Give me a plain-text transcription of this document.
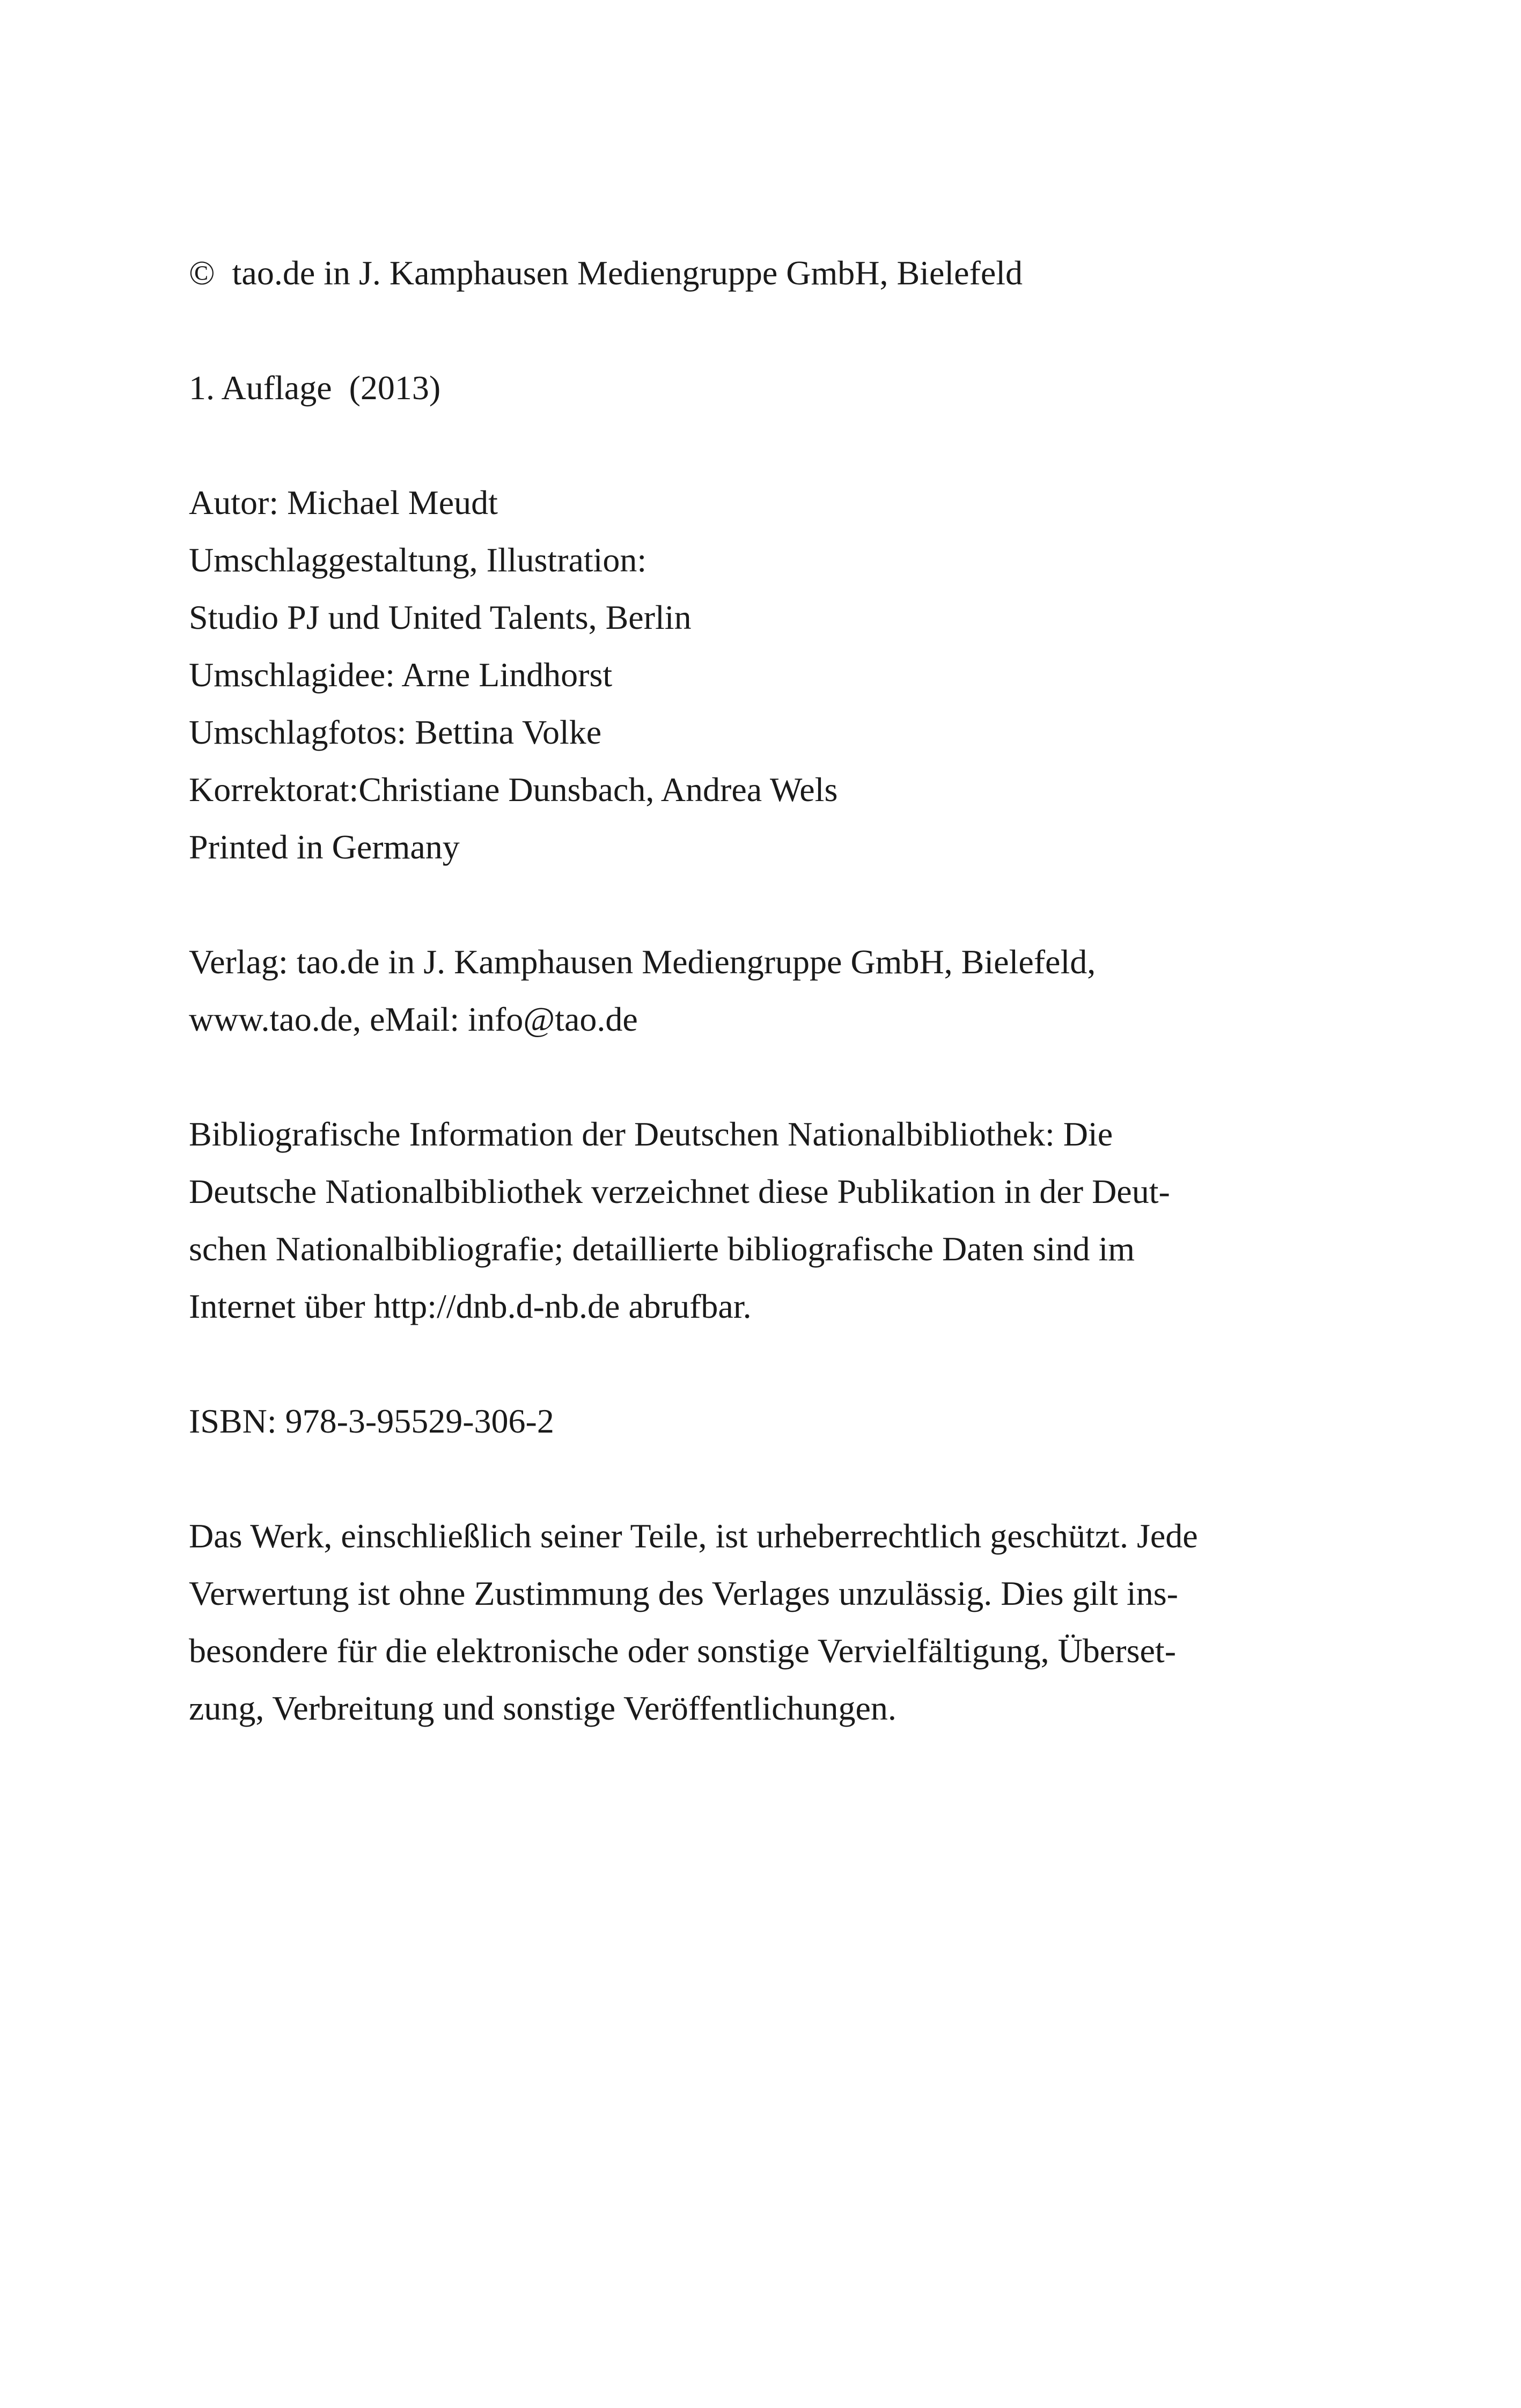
© tao.de in J. Kamphausen Mediengruppe GmbH, Bielefeld
1. Auflage  (2013)
Autor: Michael Meudt
Umschlaggestaltung, Illustration:
Studio PJ und United Talents, Berlin
Umschlagidee: Arne Lindhorst
Umschlagfotos: Bettina Volke
Korrektorat:Christiane Dunsbach, Andrea Wels
Printed in Germany
Verlag: tao.de in J. Kamphausen Mediengruppe GmbH, Bielefeld,
www.tao.de, eMail: info@tao.de
Bibliografische Information der Deutschen Nationalbibliothek: Die
Deutsche Nationalbibliothek verzeichnet diese Publikation in der Deut-
schen Nationalbibliografie; detaillierte bibliografische Daten sind im
Internet über http://dnb.d-nb.de abrufbar.
ISBN: 978-3-95529-306-2
Das Werk, einschließlich seiner Teile, ist urheberrechtlich geschützt. Jede
Verwertung ist ohne Zustimmung des Verlages unzulässig. Dies gilt ins-
besondere für die elektronische oder sonstige Vervielfältigung, Überset-
zung, Verbreitung und sonstige Veröffentlichungen.
